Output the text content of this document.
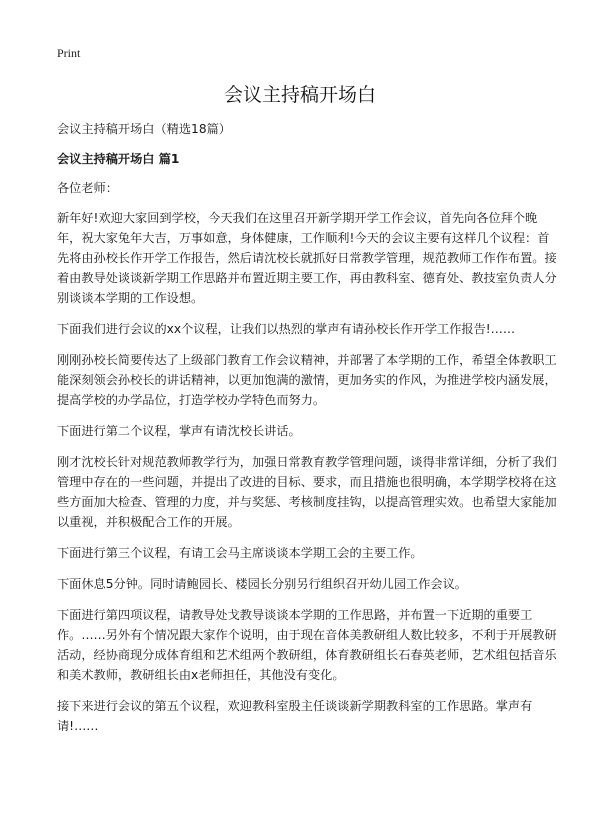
Print
会议主持稿开场白

会议主持稿开场白（精选18篇）

会议主持稿开场白 篇1

各位老师：

新年好!欢迎大家回到学校，今天我们在这里召开新学期开学工作会议，首先向各位拜个晚年，祝大家兔年大吉，万事如意，身体健康，工作顺利!今天的会议主要有这样几个议程：首先将由孙校长作开学工作报告，然后请沈校长就抓好日常教学管理，规范教师工作作布置。接着由教导处谈谈新学期工作思路并布置近期主要工作，再由教科室、德育处、教技室负责人分别谈谈本学期的工作设想。

下面我们进行会议的xx个议程，让我们以热烈的掌声有请孙校长作开学工作报告!……

刚刚孙校长简要传达了上级部门教育工作会议精神，并部署了本学期的工作，希望全体教职工能深刻领会孙校长的讲话精神，以更加饱满的激情，更加务实的作风，为推进学校内涵发展，提高学校的办学品位，打造学校办学特色而努力。

下面进行第二个议程，掌声有请沈校长讲话。

刚才沈校长针对规范教师教学行为，加强日常教育教学管理问题，谈得非常详细，分析了我们管理中存在的一些问题，并提出了改进的目标、要求，而且措施也很明确，本学期学校将在这些方面加大检查、管理的力度，并与奖惩、考核制度挂钩，以提高管理实效。也希望大家能加以重视，并积极配合工作的开展。

下面进行第三个议程，有请工会马主席谈谈本学期工会的主要工作。

下面休息5分钟。同时请鲍园长、楼园长分别另行组织召开幼儿园工作会议。

下面进行第四项议程，请教导处戈教导谈谈本学期的工作思路，并布置一下近期的重要工作。……另外有个情况跟大家作个说明，由于现在音体美教研组人数比较多，不利于开展教研活动，经协商现分成体育组和艺术组两个教研组，体育教研组长石春英老师，艺术组包括音乐和美术教师，教研组长由x老师担任，其他没有变化。

接下来进行会议的第五个议程，欢迎教科室殷主任谈谈新学期教科室的工作思路。掌声有请!……
